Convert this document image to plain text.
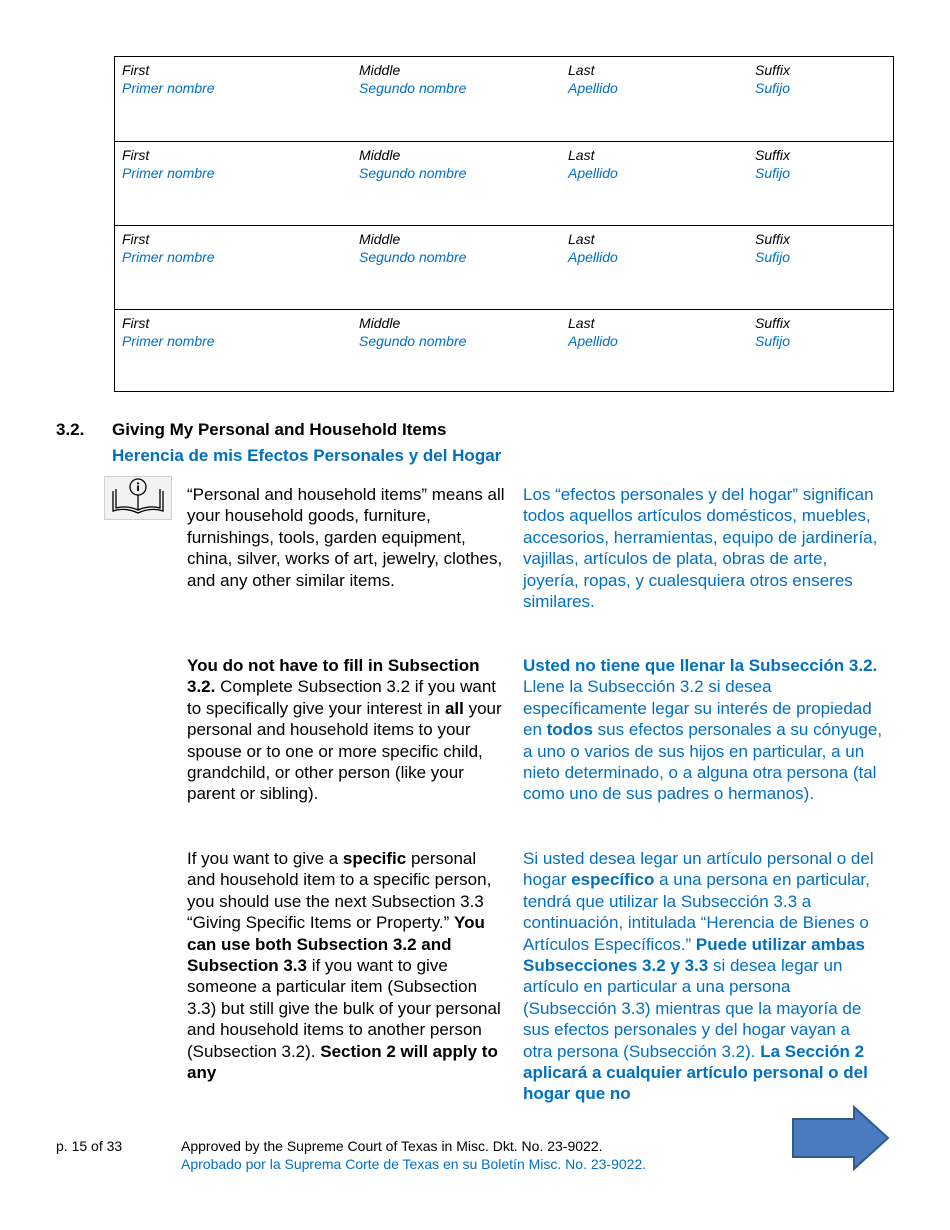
First
Primer nombre
Middle
Segundo nombre
Last
Apellido
Suffix
Sufijo
First
Primer nombre
Middle
Segundo nombre
Last
Apellido
Suffix
Sufijo
First
Primer nombre
Middle
Segundo nombre
Last
Apellido
Suffix
Sufijo
First
Primer nombre
Middle
Segundo nombre
Last
Apellido
Suffix
Sufijo
3.2. Giving My Personal and Household Items
Herencia de mis Efectos Personales y del Hogar

“Personal and household items” means all your household goods, furniture, furnishings, tools, garden equipment, china, silver, works of art, jewelry, clothes, and any other similar items.

You do not have to fill in Subsection 3.2. Complete Subsection 3.2 if you want to specifically give your interest in all your personal and household items to your spouse or to one or more specific child, grandchild, or other person (like your parent or sibling).

If you want to give a specific personal and household item to a specific person, you should use the next Subsection 3.3 “Giving Specific Items or Property.” You can use both Subsection 3.2 and Subsection 3.3 if you want to give someone a particular item (Subsection 3.3) but still give the bulk of your personal and household items to another person (Subsection 3.2). Section 2 will apply to any

Los “efectos personales y del hogar” significan todos aquellos artículos domésticos, muebles, accesorios, herramientas, equipo de jardinería, vajillas, artículos de plata, obras de arte, joyería, ropas, y cualesquiera otros enseres similares.

Usted no tiene que llenar la Subsección 3.2. Llene la Subsección 3.2 si desea específicamente legar su interés de propiedad en todos sus efectos personales a su cónyuge, a uno o varios de sus hijos en particular, a un nieto determinado, o a alguna otra persona (tal como uno de sus padres o hermanos).

Si usted desea legar un artículo personal o del hogar específico a una persona en particular, tendrá que utilizar la Subsección 3.3 a continuación, intitulada “Herencia de Bienes o Artículos Específicos.” Puede utilizar ambas Subsecciones 3.2 y 3.3 si desea legar un artículo en particular a una persona (Subsección 3.3) mientras que la mayoría de sus efectos personales y del hogar vayan a otra persona (Subsección 3.2). La Sección 2 aplicará a cualquier artículo personal o del hogar que no

p. 15 of 33	Approved by the Supreme Court of Texas in Misc. Dkt. No. 23-9022.
Aprobado por la Suprema Corte de Texas en su Boletín Misc. No. 23-9022.
